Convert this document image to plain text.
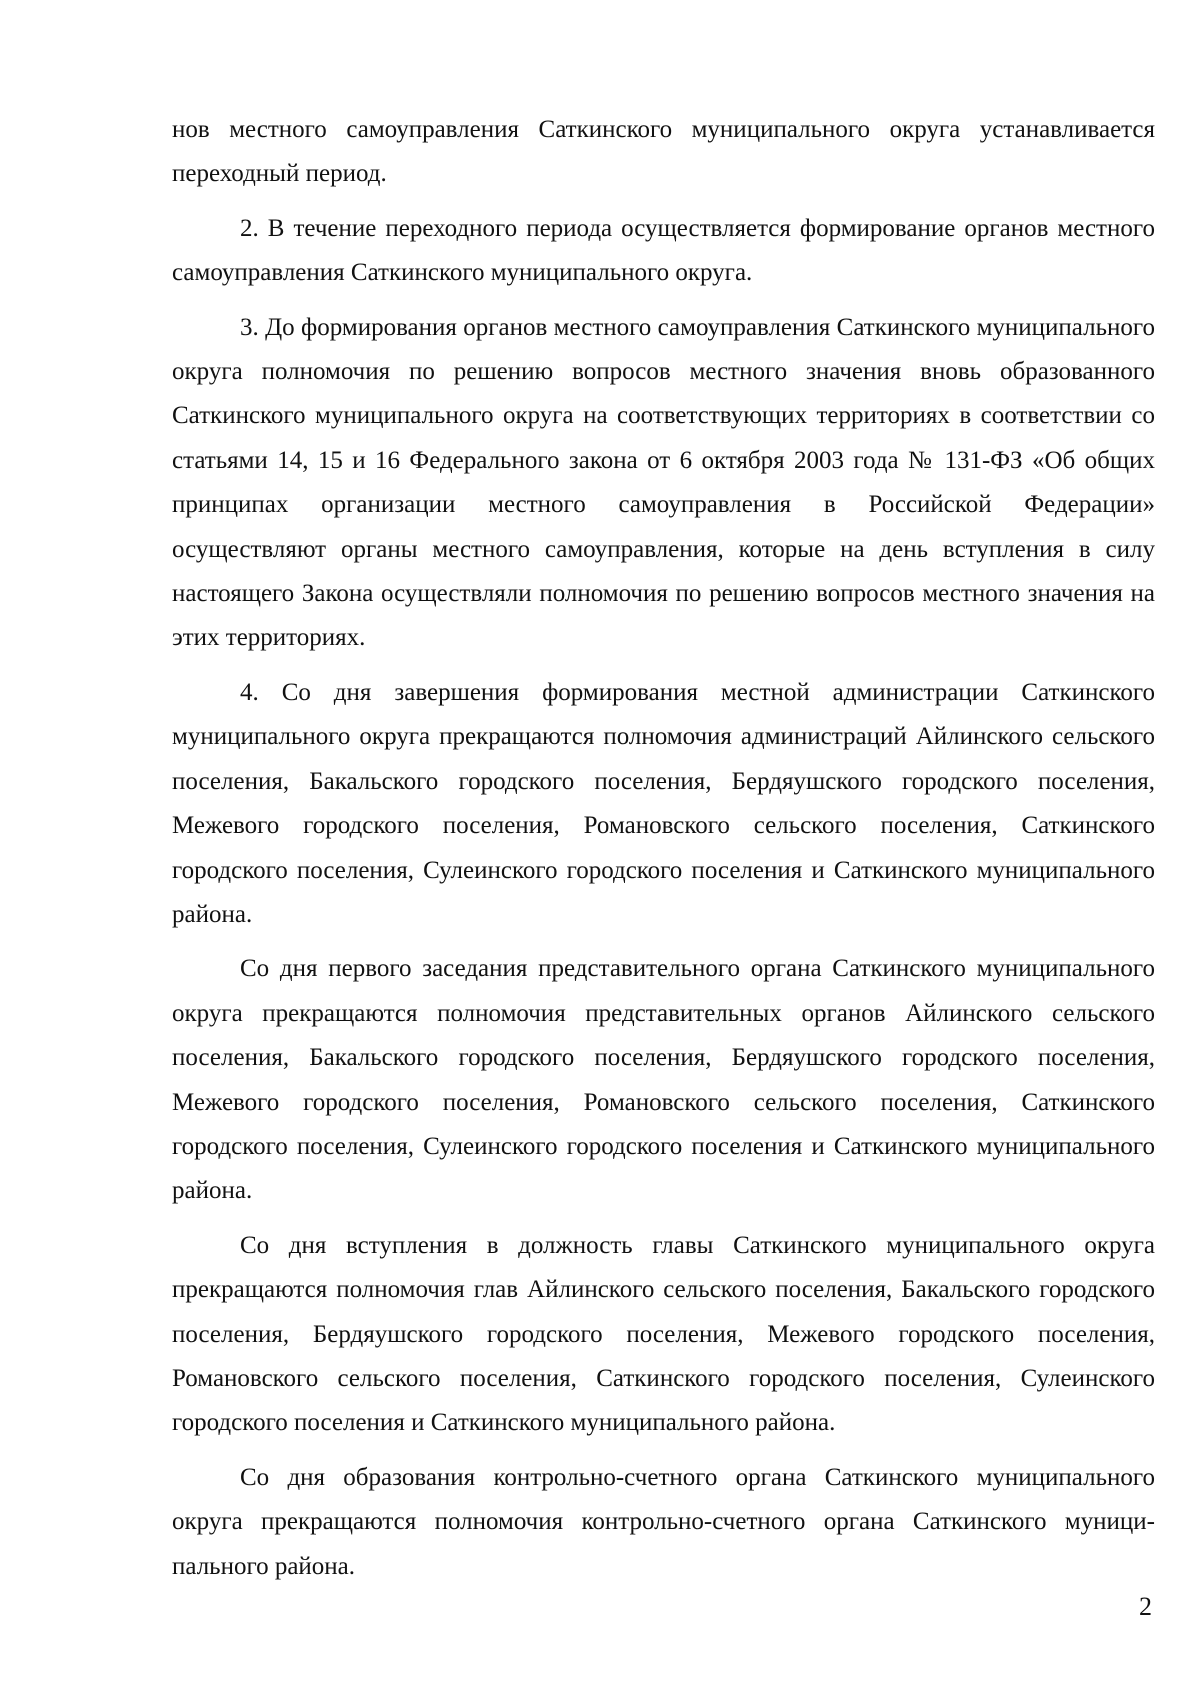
нов местного самоуправления Саткинского муниципального округа устанавливается переходный период.

2. В течение переходного периода осуществляется формирование органов местного самоуправления Саткинского муниципального округа.

3. До формирования органов местного самоуправления Саткинского муниципального округа полномочия по решению вопросов местного значения вновь образованного Саткинского муниципального округа на соответствующих территориях в соответствии со статьями 14, 15 и 16 Федерального закона от 6 октября 2003 года № 131-ФЗ «Об общих принципах организации местного самоуправления в Российской Федерации» осуществляют органы местного самоуправления, которые на день вступления в силу настоящего Закона осуществляли полномочия по решению вопросов местного значения на этих территориях.

4. Со дня завершения формирования местной администрации Саткинского муниципального округа прекращаются полномочия администраций Айлинского сельского поселения, Бакальского городского поселения, Бердяушского городского поселения, Межевого городского поселения, Романовского сельского поселения, Саткинского городского поселения, Сулеинского городского поселения и Саткинского муниципального района.

Со дня первого заседания представительного органа Саткинского муниципального округа прекращаются полномочия представительных органов Айлинского сельского поселения, Бакальского городского поселения, Бердяушского городского поселения, Межевого городского поселения, Романовского сельского поселения, Саткинского городского поселения, Сулеинского городского поселения и Саткинского муниципального района.

Со дня вступления в должность главы Саткинского муниципального округа прекращаются полномочия глав Айлинского сельского поселения, Бакальского городского поселения, Бердяушского городского поселения, Межевого городского поселения, Романовского сельского поселения, Саткинского городского поселения, Сулеинского городского поселения и Саткинского муниципального района.

Со дня образования контрольно-счетного органа Саткинского муниципального округа прекращаются полномочия контрольно-счетного органа Саткинского муниципального района.

2
